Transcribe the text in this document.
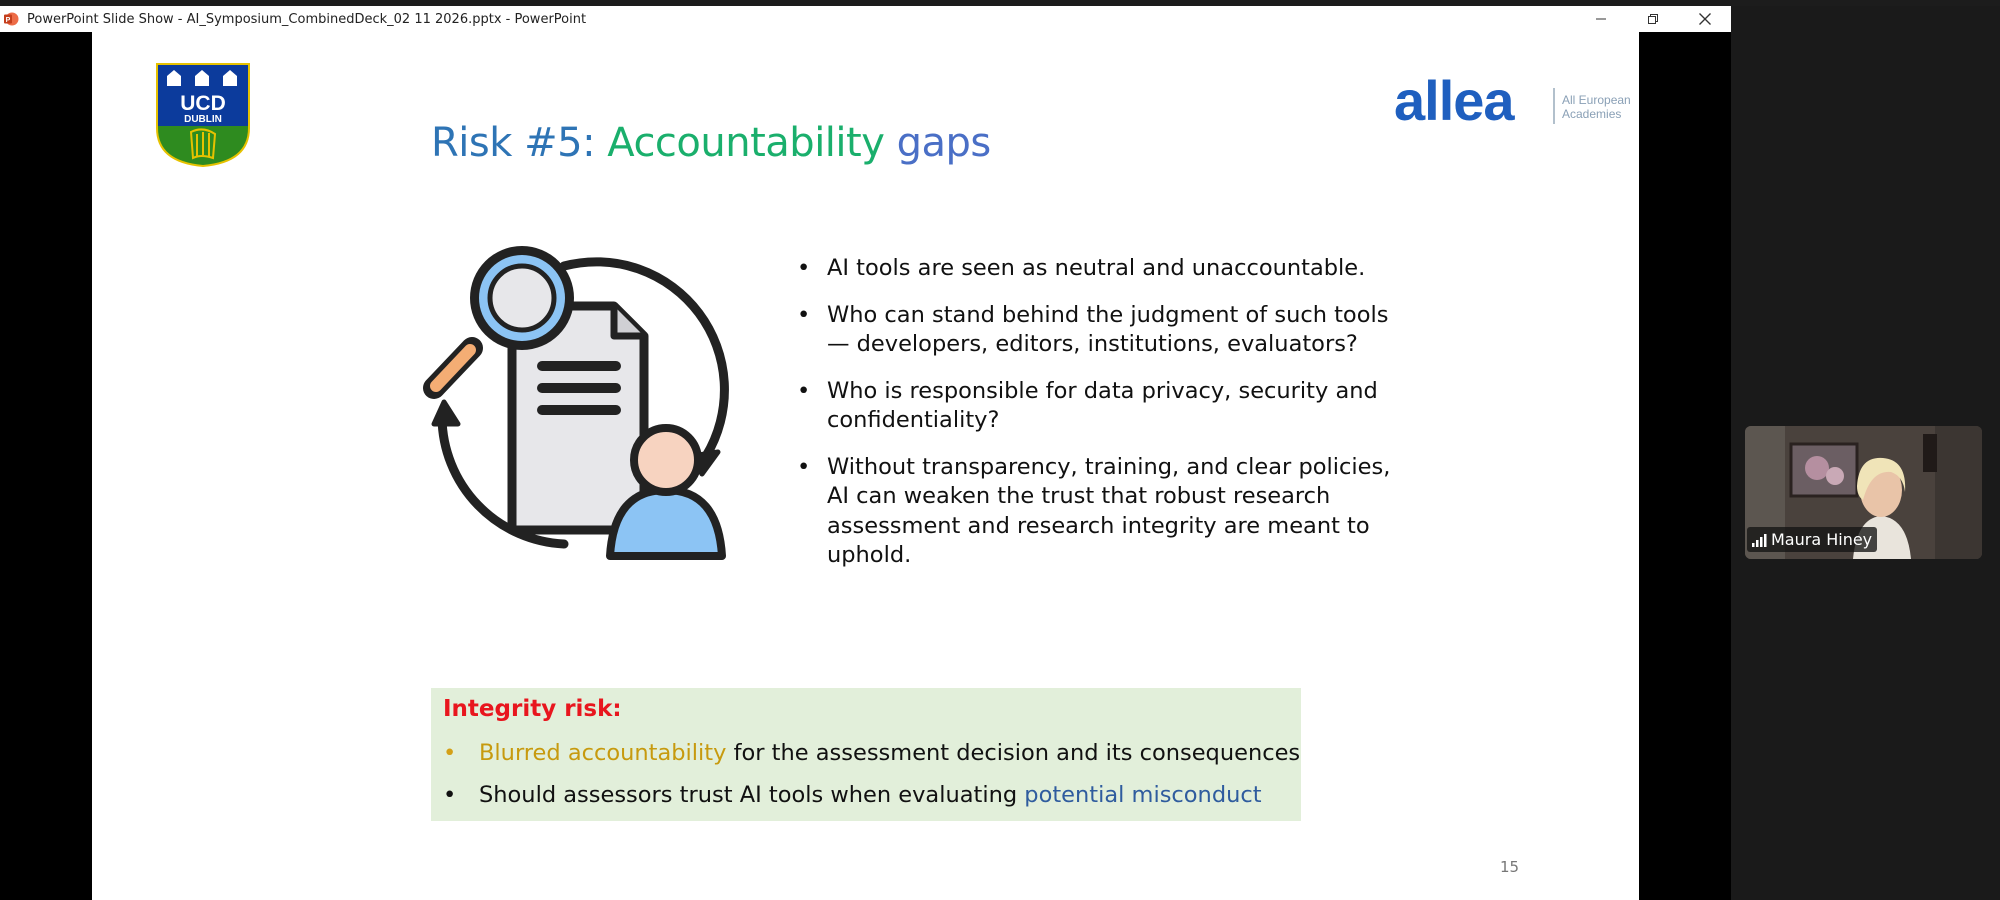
P PowerPoint Slide Show - AI_Symposium_CombinedDeck_02 11 2026.pptx - PowerPoint
UCD
DUBLIN	allea	All European
Academies
Risk #5: Accountability gaps
• AI tools are seen as neutral and unaccountable.
• Who can stand behind the judgment of such tools — developers, editors, institutions, evaluators?
• Who is responsible for data privacy, security and confidentiality?
• Without transparency, training, and clear policies, AI can weaken the trust that robust research assessment and research integrity are meant to uphold.
Integrity risk:
• Blurred accountability for the assessment decision and its consequences
• Should assessors trust AI tools when evaluating potential misconduct
15
Maura Hiney
